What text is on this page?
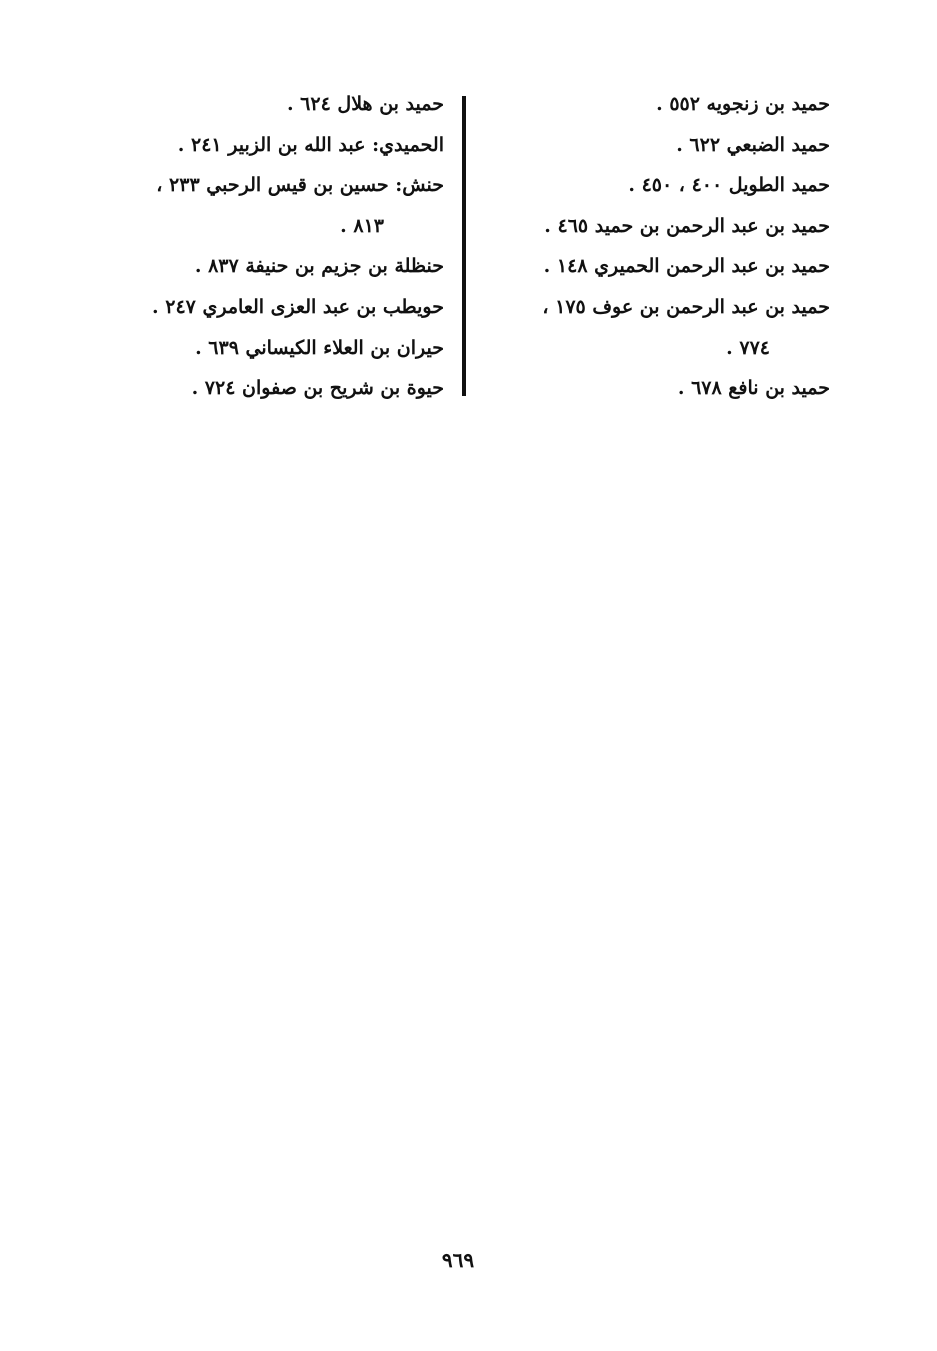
حميد بن زنجويه ٥٥٢ .
حميد الضبعي ٦٢٢ .
حميد الطويل ٤٠٠ ، ٤٥٠ .
حميد بن عبد الرحمن بن حميد ٤٦٥ .
حميد بن عبد الرحمن الحميري ١٤٨ .
حميد بن عبد الرحمن بن عوف ١٧٥ ،
٧٧٤ .
حميد بن نافع ٦٧٨ .
حميد بن هلال ٦٢٤ .
الحميدي: عبد الله بن الزبير ٢٤١ .
حنش: حسين بن قيس الرحبي ٢٣٣ ،
٨١٣ .
حنظلة بن جزيم بن حنيفة ٨٣٧ .
حويطب بن عبد العزى العامري ٢٤٧ .
حيران بن العلاء الكيساني ٦٣٩ .
حيوة بن شريح بن صفوان ٧٢٤ .
٩٦٩
